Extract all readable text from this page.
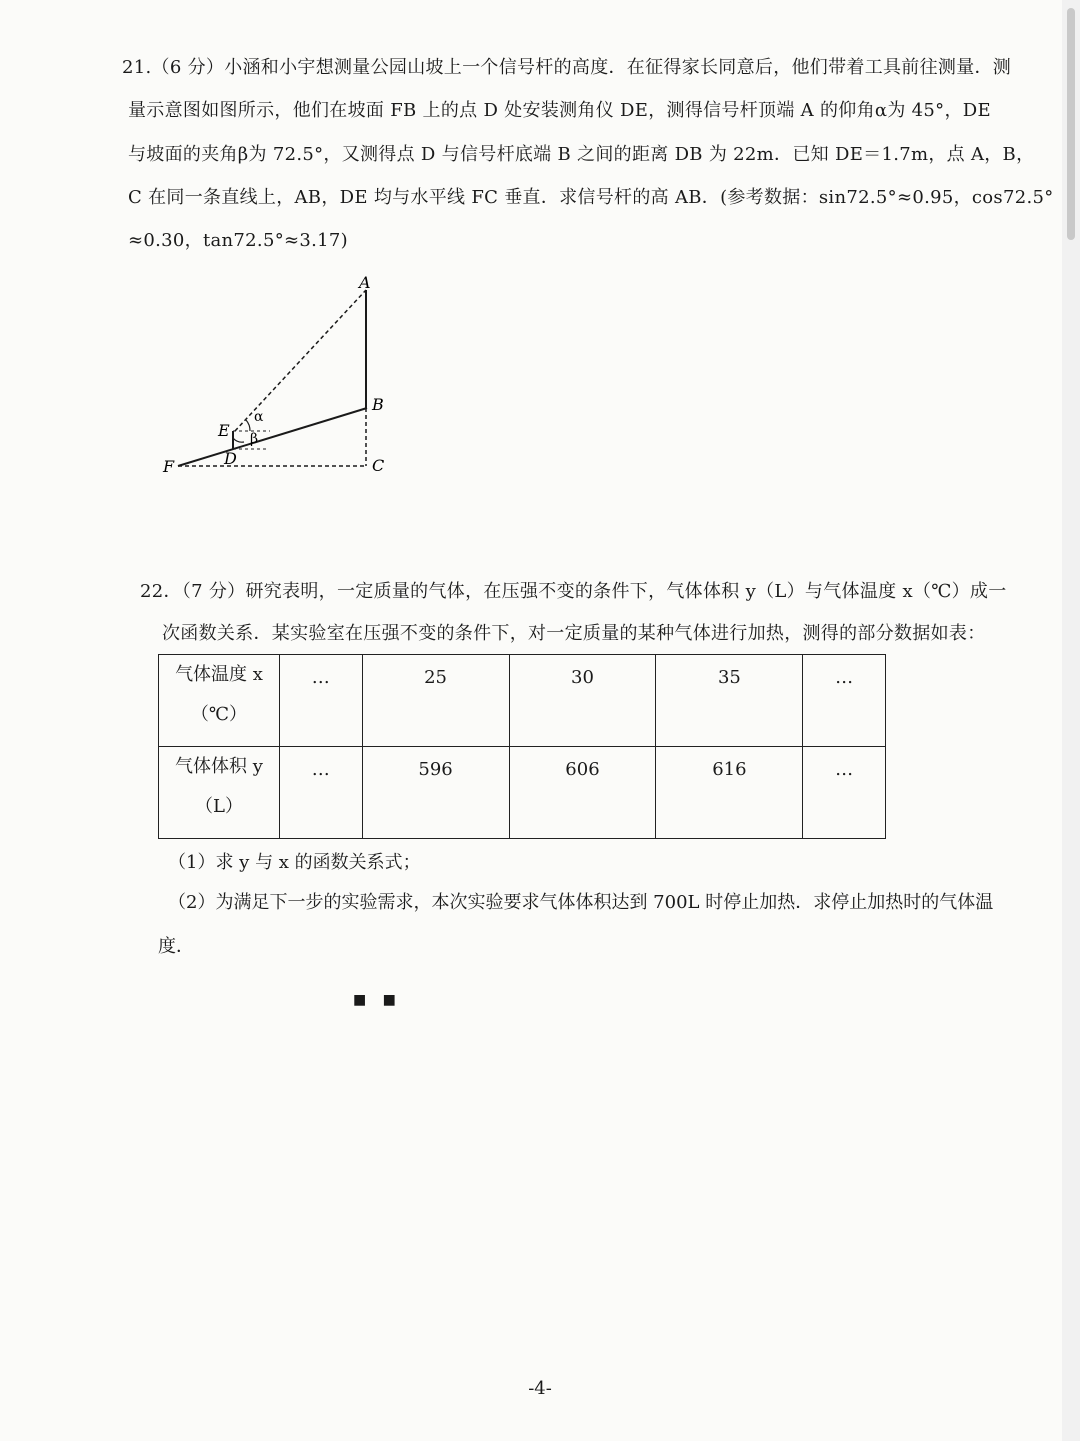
21.（6 分）小涵和小宇想测量公园山坡上一个信号杆的高度．在征得家长同意后，他们带着工具前往测量．测
量示意图如图所示，他们在坡面 FB 上的点 D 处安装测角仪 DE，测得信号杆顶端 A 的仰角α为 45°，DE
与坡面的夹角β为 72.5°，又测得点 D 与信号杆底端 B 之间的距离 DB 为 22m．已知 DE＝1.7m，点 A，B，
C 在同一条直线上，AB，DE 均与水平线 FC 垂直．求信号杆的高 AB．(参考数据：sin72.5°≈0.95，cos72.5°
≈0.30，tan72.5°≈3.17)
A
B
C
D
E
F
α
β
22．（7 分）研究表明，一定质量的气体，在压强不变的条件下，气体体积 y（L）与气体温度 x（℃）成一
次函数关系．某实验室在压强不变的条件下，对一定质量的某种气体进行加热，测得的部分数据如表：
气体温度 x
（℃）	…	25	30	35	…

气体体积 y
（L）	…	596	606	616	…
（1）求 y 与 x 的函数关系式；
（2）为满足下一步的实验需求，本次实验要求气体体积达到 700L 时停止加热．求停止加热时的气体温
度．
■ ■
-4-
